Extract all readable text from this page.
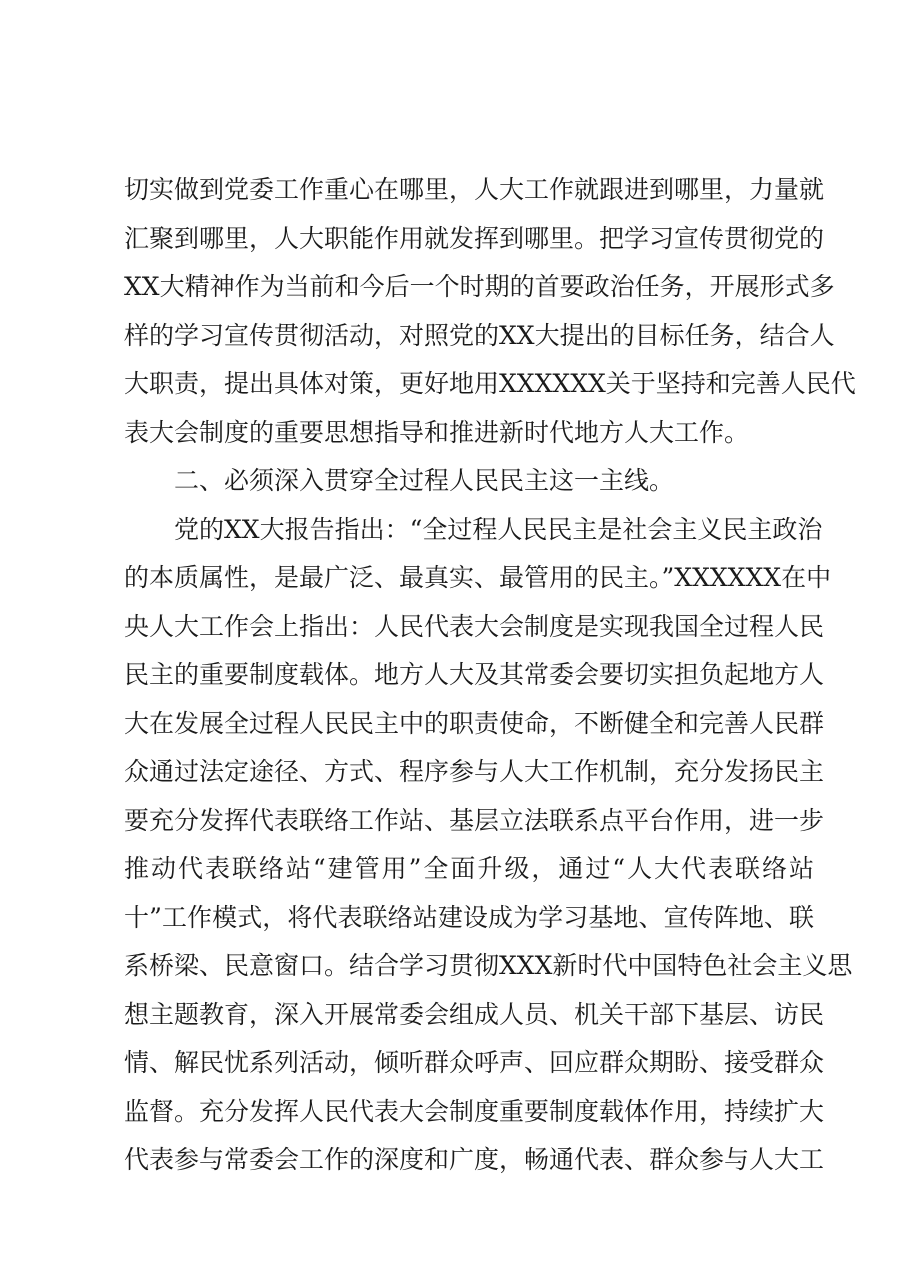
切实做到党委工作重心在哪里，人大工作就跟进到哪里，力量就
汇聚到哪里，人大职能作用就发挥到哪里。把学习宣传贯彻党的
XX大精神作为当前和今后一个时期的首要政治任务，开展形式多
样的学习宣传贯彻活动，对照党的XX大提出的目标任务，结合人
大职责，提出具体对策，更好地用XXXXXX关于坚持和完善人民代
表大会制度的重要思想指导和推进新时代地方人大工作。
二、必须深入贯穿全过程人民民主这一主线。
党的XX大报告指出：“全过程人民民主是社会主义民主政治
的本质属性，是最广泛、最真实、最管用的民主。”XXXXXX在中
央人大工作会上指出：人民代表大会制度是实现我国全过程人民
民主的重要制度载体。地方人大及其常委会要切实担负起地方人
大在发展全过程人民民主中的职责使命，不断健全和完善人民群
众通过法定途径、方式、程序参与人大工作机制，充分发扬民主
要充分发挥代表联络工作站、基层立法联系点平台作用，进一步
推动代表联络站“建管用”全面升级，通过“人大代表联络站
十”工作模式，将代表联络站建设成为学习基地、宣传阵地、联
系桥梁、民意窗口。结合学习贯彻XXX新时代中国特色社会主义思
想主题教育，深入开展常委会组成人员、机关干部下基层、访民
情、解民忧系列活动，倾听群众呼声、回应群众期盼、接受群众
监督。充分发挥人民代表大会制度重要制度载体作用，持续扩大
代表参与常委会工作的深度和广度，畅通代表、群众参与人大工
